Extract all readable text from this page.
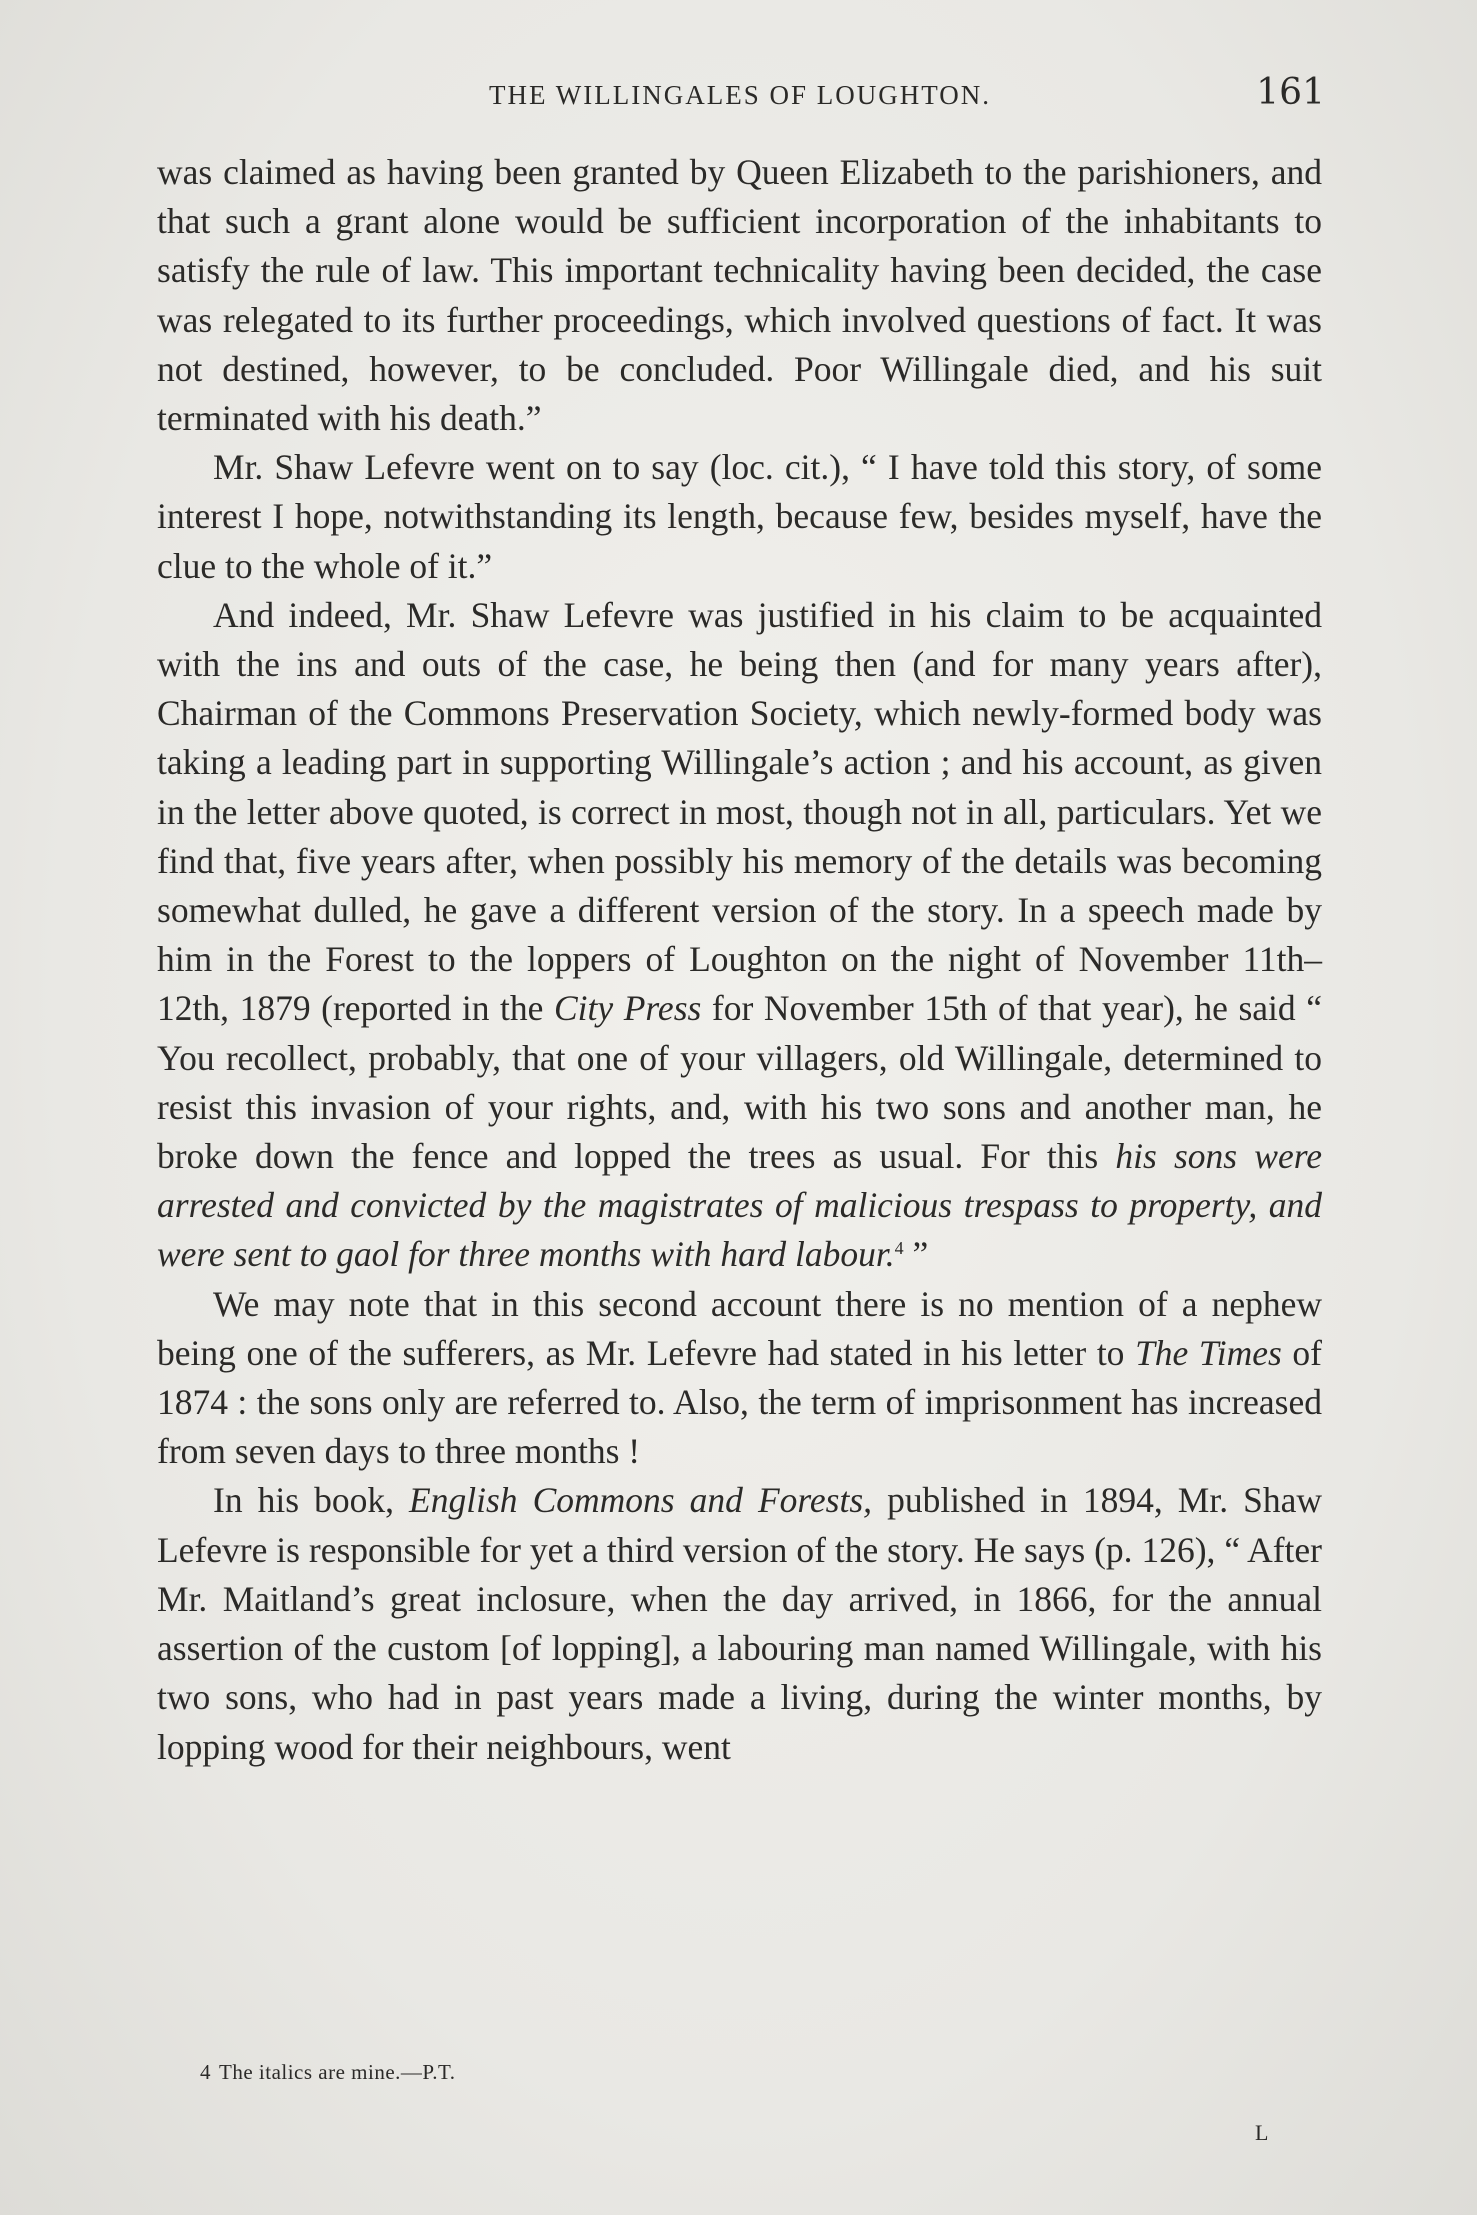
THE WILLINGALES OF LOUGHTON.	161

was claimed as having been granted by Queen Elizabeth to the parishioners, and that such a grant alone would be sufficient incorporation of the inhabitants to satisfy the rule of law. This important technicality having been decided, the case was relegated to its further proceedings, which involved questions of fact. It was not destined, however, to be concluded. Poor Willingale died, and his suit terminated with his death.”

Mr. Shaw Lefevre went on to say (loc. cit.), “ I have told this story, of some interest I hope, notwithstanding its length, because few, besides myself, have the clue to the whole of it.”

And indeed, Mr. Shaw Lefevre was justified in his claim to be acquainted with the ins and outs of the case, he being then (and for many years after), Chairman of the Commons Preservation Society, which newly-formed body was taking a leading part in supporting Willingale’s action ; and his account, as given in the letter above quoted, is correct in most, though not in all, particulars. Yet we find that, five years after, when possibly his memory of the details was becoming somewhat dulled, he gave a different version of the story. In a speech made by him in the Forest to the loppers of Loughton on the night of November 11th–12th, 1879 (reported in the City Press for November 15th of that year), he said “ You recollect, probably, that one of your villagers, old Willingale, determined to resist this invasion of your rights, and, with his two sons and another man, he broke down the fence and lopped the trees as usual. For this his sons were arrested and convicted by the magistrates of malicious trespass to property, and were sent to gaol for three months with hard labour.$^4$ ”

We may note that in this second account there is no mention of a nephew being one of the sufferers, as Mr. Lefevre had stated in his letter to The Times of 1874 : the sons only are referred to. Also, the term of imprisonment has increased from seven days to three months !

In his book, English Commons and Forests, published in 1894, Mr. Shaw Lefevre is responsible for yet a third version of the story. He says (p. 126), “ After Mr. Maitland’s great inclosure, when the day arrived, in 1866, for the annual assertion of the custom [of lopping], a labouring man named Willingale, with his two sons, who had in past years made a living, during the winter months, by lopping wood for their neighbours, went

4 The italics are mine.—P.T.
L
